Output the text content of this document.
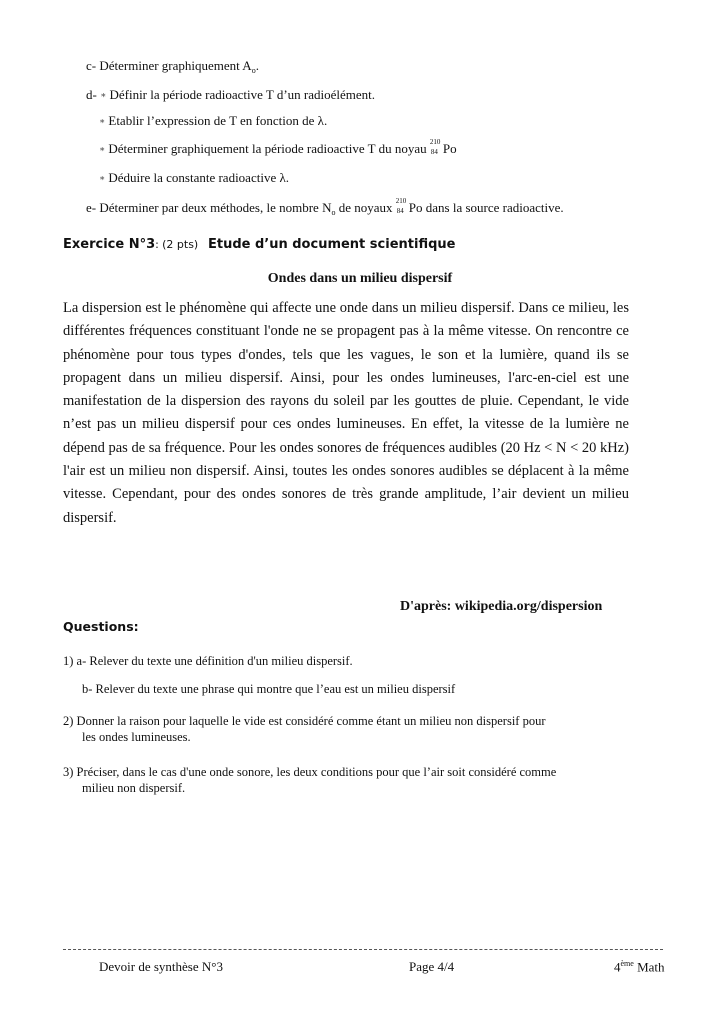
c- Déterminer graphiquement $A_o$.
d- ∗ Définir la période radioactive T d’un radioélément.
∗ Etablir l’expression de T en fonction de λ.
∗ Déterminer graphiquement la période radioactive T du noyau 210
84 Po
∗ Déduire la constante radioactive λ.
e- Déterminer par deux méthodes, le nombre $N_o$ de noyaux 210
84 Po dans la source radioactive.
Exercice N°3: (2 pts) Etude d’un document scientifique
Ondes dans un milieu dispersif
La dispersion est le phénomène qui affecte une onde dans un milieu dispersif. Dans ce milieu, les différentes fréquences constituant l'onde ne se propagent pas à la même vitesse. On rencontre ce phénomène pour tous types d'ondes, tels que les vagues, le son et la lumière, quand ils se propagent dans un milieu dispersif. Ainsi, pour les ondes lumineuses, l'arc-en-ciel est une manifestation de la dispersion des rayons du soleil par les gouttes de pluie. Cependant, le vide n’est pas un milieu dispersif pour ces ondes lumineuses. En effet, la vitesse de la lumière ne dépend pas de sa fréquence. Pour les ondes sonores de fréquences audibles (20 Hz < N < 20 kHz) l'air est un milieu non dispersif. Ainsi, toutes les ondes sonores audibles se déplacent à la même vitesse. Cependant, pour des ondes sonores de très grande amplitude, l’air devient un milieu dispersif.
D'après: wikipedia.org/dispersion
Questions:
1) a- Relever du texte une définition d'un milieu dispersif.
b- Relever du texte une phrase qui montre que l’eau est un milieu dispersif
2) Donner la raison pour laquelle le vide est considéré comme étant un milieu non dispersif pour
les ondes lumineuses.
3) Préciser, dans le cas d'une onde sonore, les deux conditions pour que l’air soit considéré comme
milieu non dispersif.
Devoir de synthèse N°3	Page 4/4	4ème Math
